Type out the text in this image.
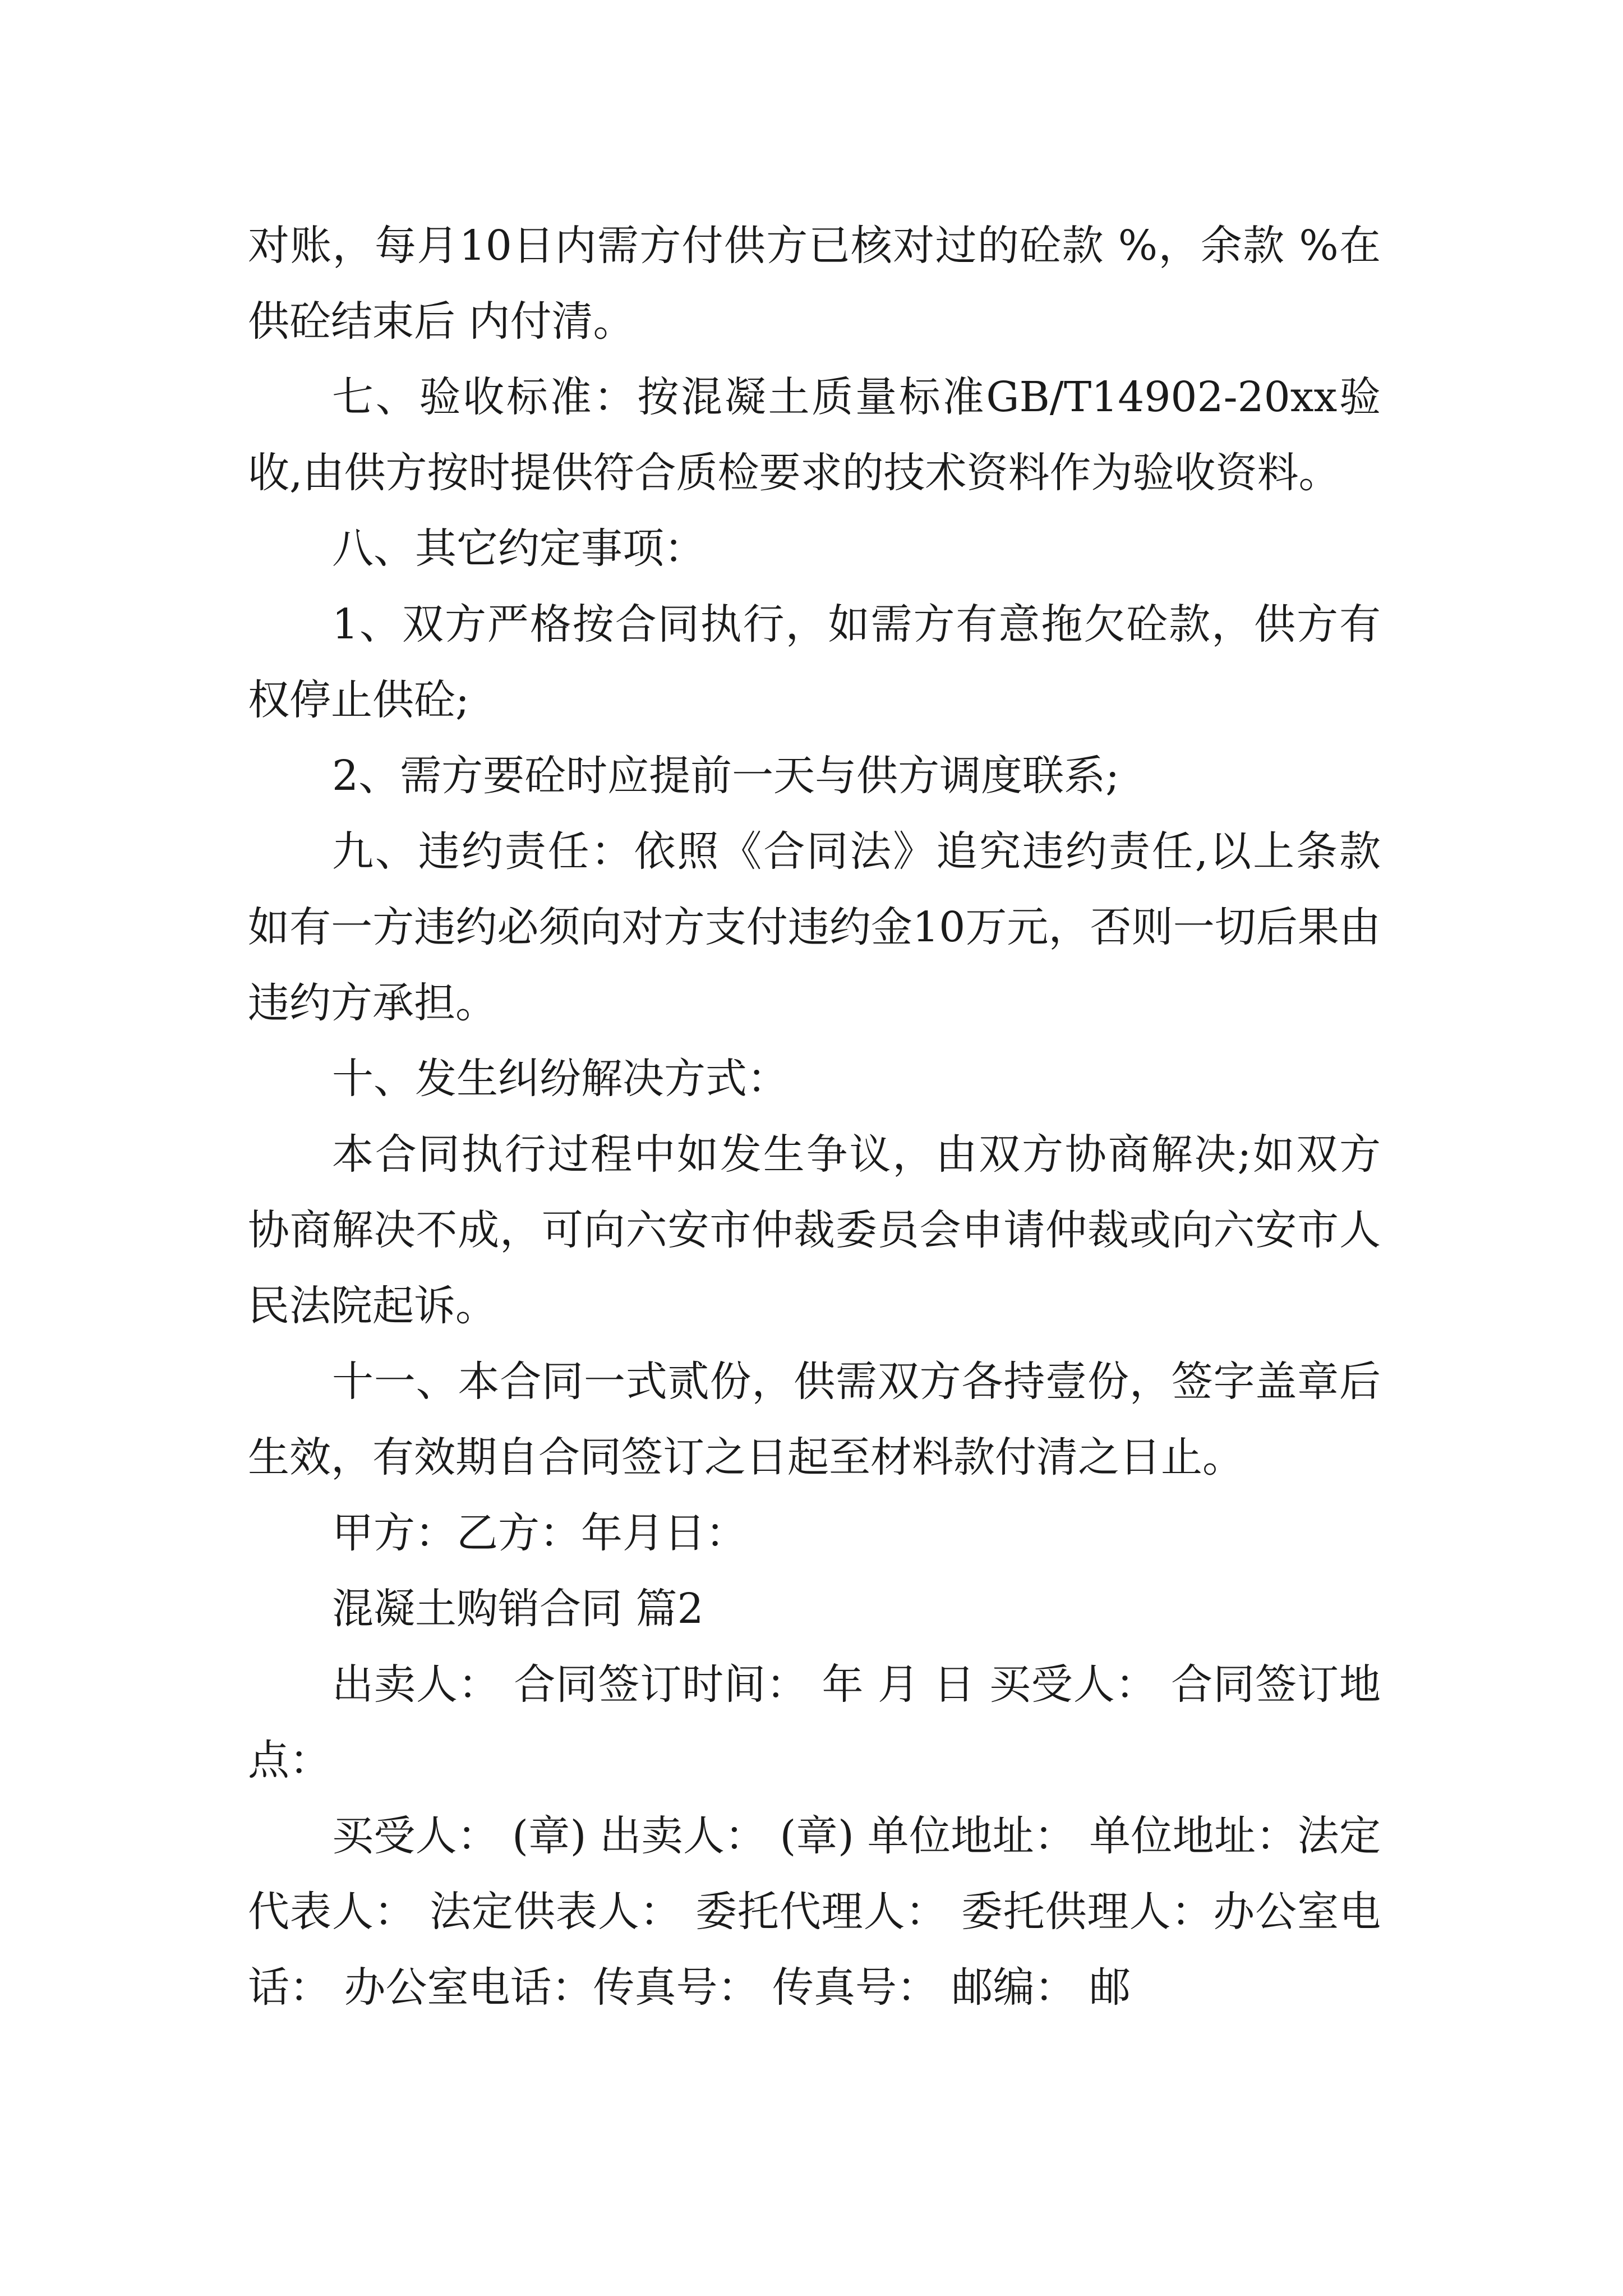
对账，每月10日内需方付供方已核对过的砼款 %，余款 %在供砼结束后 内付清。

七、验收标准：按混凝土质量标准GB/T14902-20xx验收,由供方按时提供符合质检要求的技术资料作为验收资料。

八、其它约定事项：

1、双方严格按合同执行，如需方有意拖欠砼款，供方有权停止供砼;

2、需方要砼时应提前一天与供方调度联系;

九、违约责任：依照《合同法》追究违约责任,以上条款如有一方违约必须向对方支付违约金10万元，否则一切后果由违约方承担。

十、发生纠纷解决方式：

本合同执行过程中如发生争议，由双方协商解决;如双方协商解决不成，可向六安市仲裁委员会申请仲裁或向六安市人民法院起诉。

十一、本合同一式贰份，供需双方各持壹份，签字盖章后生效，有效期自合同签订之日起至材料款付清之日止。

甲方：乙方：年月日：

混凝土购销合同 篇2

出卖人： 合同签订时间： 年 月 日 买受人： 合同签订地点：

买受人： (章) 出卖人： (章) 单位地址： 单位地址：法定代表人： 法定供表人： 委托代理人： 委托供理人：办公室电话： 办公室电话：传真号： 传真号： 邮编： 邮
